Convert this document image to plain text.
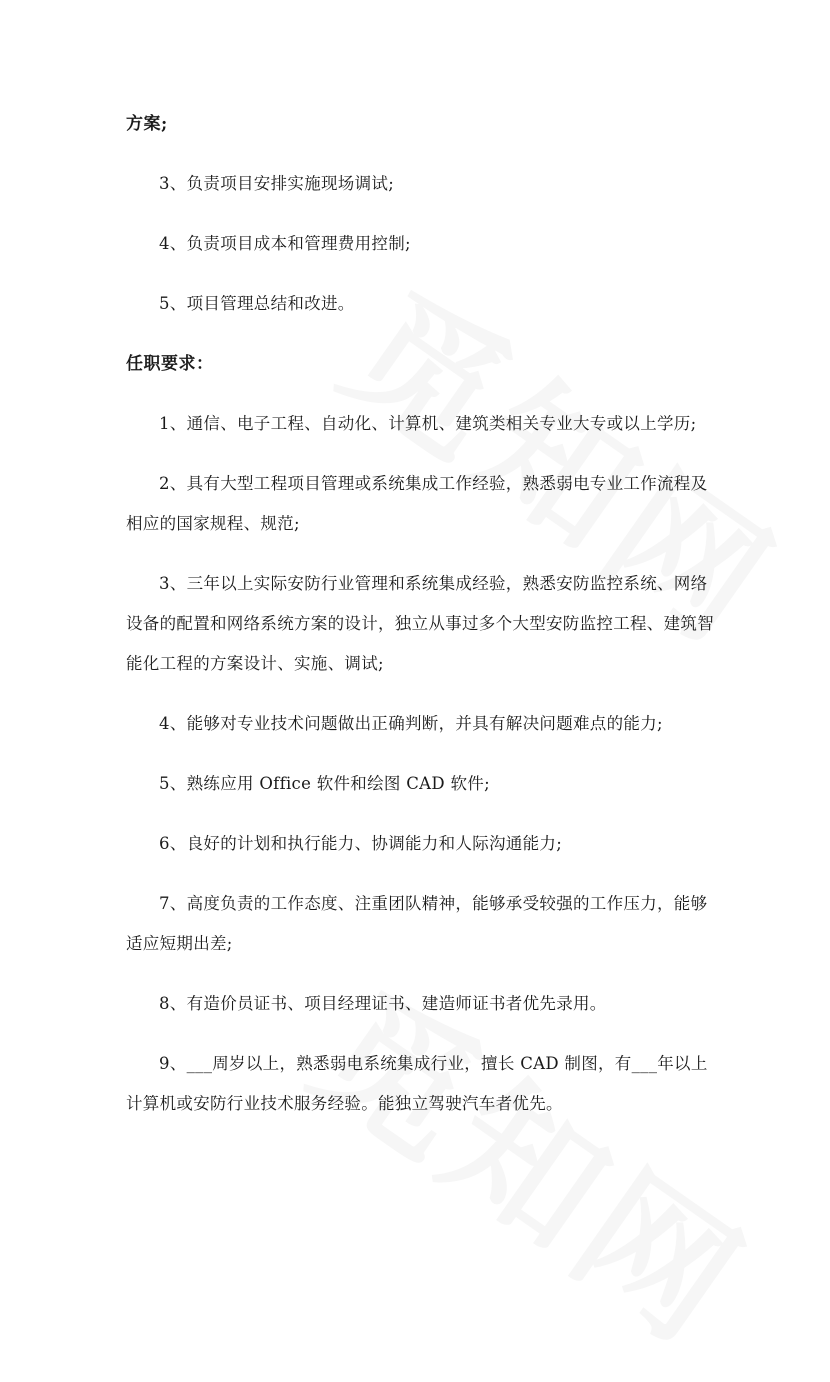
方案;
3、负责项目安排实施现场调试;
4、负责项目成本和管理费用控制;
5、项目管理总结和改进。
任职要求：
1、通信、电子工程、自动化、计算机、建筑类相关专业大专或以上学历;
2、具有大型工程项目管理或系统集成工作经验，熟悉弱电专业工作流程及
相应的国家规程、规范;
3、三年以上实际安防行业管理和系统集成经验，熟悉安防监控系统、网络
设备的配置和网络系统方案的设计，独立从事过多个大型安防监控工程、建筑智
能化工程的方案设计、实施、调试;
4、能够对专业技术问题做出正确判断，并具有解决问题难点的能力;
5、熟练应用 Office 软件和绘图 CAD 软件;
6、良好的计划和执行能力、协调能力和人际沟通能力;
7、高度负责的工作态度、注重团队精神，能够承受较强的工作压力，能够
适应短期出差;
8、有造价员证书、项目经理证书、建造师证书者优先录用。
9、___周岁以上，熟悉弱电系统集成行业，擅长 CAD 制图，有___年以上
计算机或安防行业技术服务经验。能独立驾驶汽车者优先。
